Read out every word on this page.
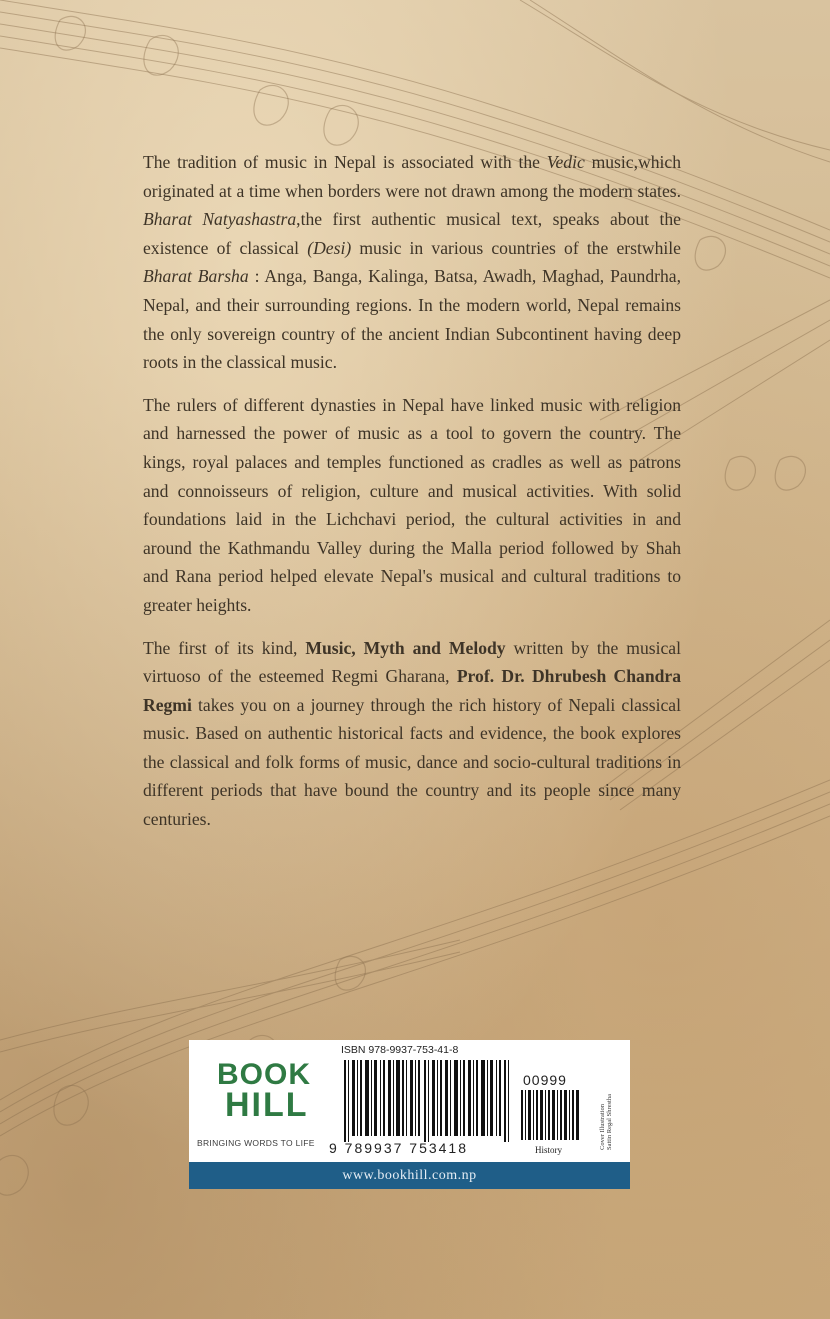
The tradition of music in Nepal is associated with the Vedic music,which originated at a time when borders were not drawn among the modern states. Bharat Natyashastra,the first authentic musical text, speaks about the existence of classical (Desi) music in various countries of the erstwhile Bharat Barsha : Anga, Banga, Kalinga, Batsa, Awadh, Maghad, Paundrha, Nepal, and their surrounding regions. In the modern world, Nepal remains the only sovereign country of the ancient Indian Subcontinent having deep roots in the classical music.

The rulers of different dynasties in Nepal have linked music with religion and harnessed the power of music as a tool to govern the country. The kings, royal palaces and temples functioned as cradles as well as patrons and connoisseurs of religion, culture and musical activities. With solid foundations laid in the Lichchavi period, the cultural activities in and around the Kathmandu Valley during the Malla period followed by Shah and Rana period helped elevate Nepal's musical and cultural traditions to greater heights.

The first of its kind, Music, Myth and Melody written by the musical virtuoso of the esteemed Regmi Gharana, Prof. Dr. Dhrubesh Chandra Regmi takes you on a journey through the rich history of Nepali classical music. Based on authentic historical facts and evidence, the book explores the classical and folk forms of music, dance and socio-cultural traditions in different periods that have bound the country and its people since many centuries.

BOOK
HILL
BRINGING WORDS TO LIFE
ISBN 978-9937-753-41-8
9 789937 753418
00999
History	Cover Illustration
Sattin Regal Shrestha
www.bookhill.com.np
